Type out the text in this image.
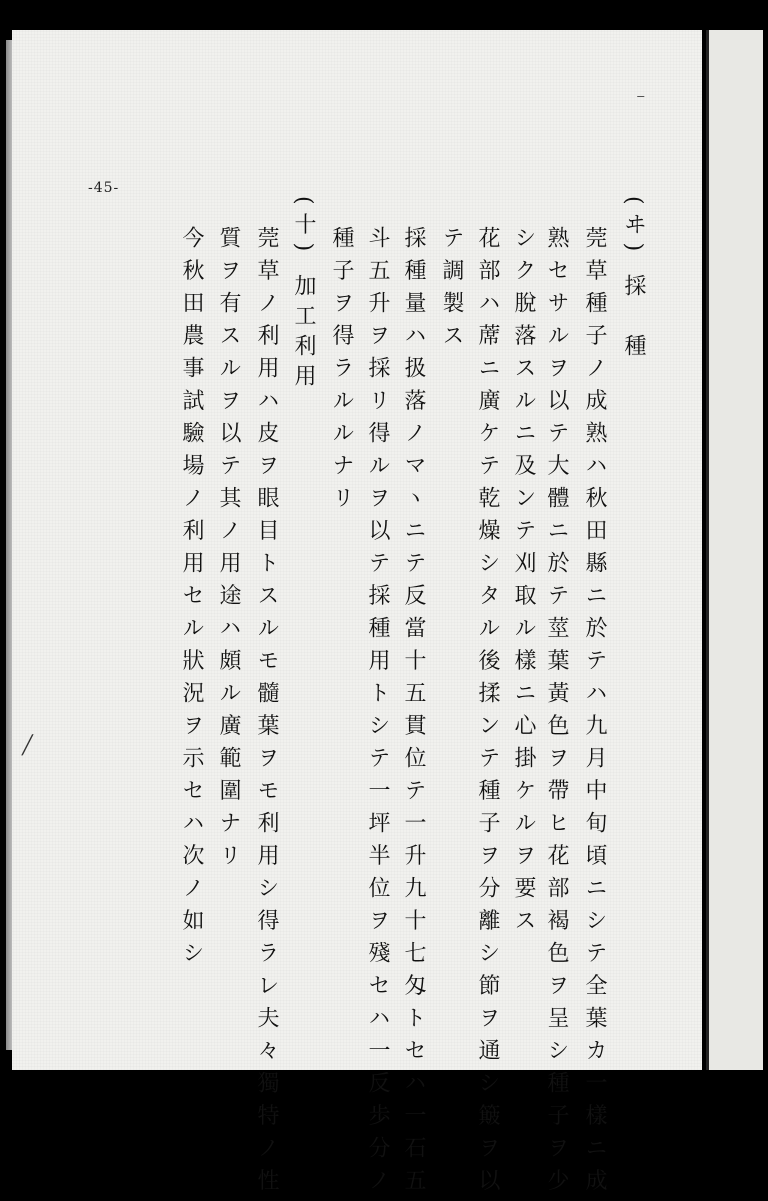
-45-
(ヰ) 採　種
莞草種子ノ成熟ハ秋田縣ニ於テハ九月中旬頃ニシテ全葉カ一樣ニ成
熟セサルヲ以テ大體ニ於テ莖葉黃色ヲ帶ヒ花部褐色ヲ呈シ種子ヲ少
シク脫落スルニ及ンテ刈取ル樣ニ心掛ケルヲ要ス
花部ハ蓆ニ廣ケテ乾燥シタル後揉ンテ種子ヲ分離シ節ヲ通シ簸ヲ以
テ調製ス
採種量ハ扱落ノマヽニテ反當十五貫位テ一升九十七匁トセハ一石五
斗五升ヲ採リ得ルヲ以テ採種用トシテ一坪半位ヲ殘セハ一反歩分ノ
種子ヲ得ラルルナリ
(十) 加工利用
莞草ノ利用ハ皮ヲ眼目トスルモ髓葉ヲモ利用シ得ラレ夫々獨特ノ性
質ヲ有スルヲ以テ其ノ用途ハ頗ル廣範圍ナリ
今秋田農事試驗場ノ利用セル狀況ヲ示セハ次ノ如シ
⁻
╱
